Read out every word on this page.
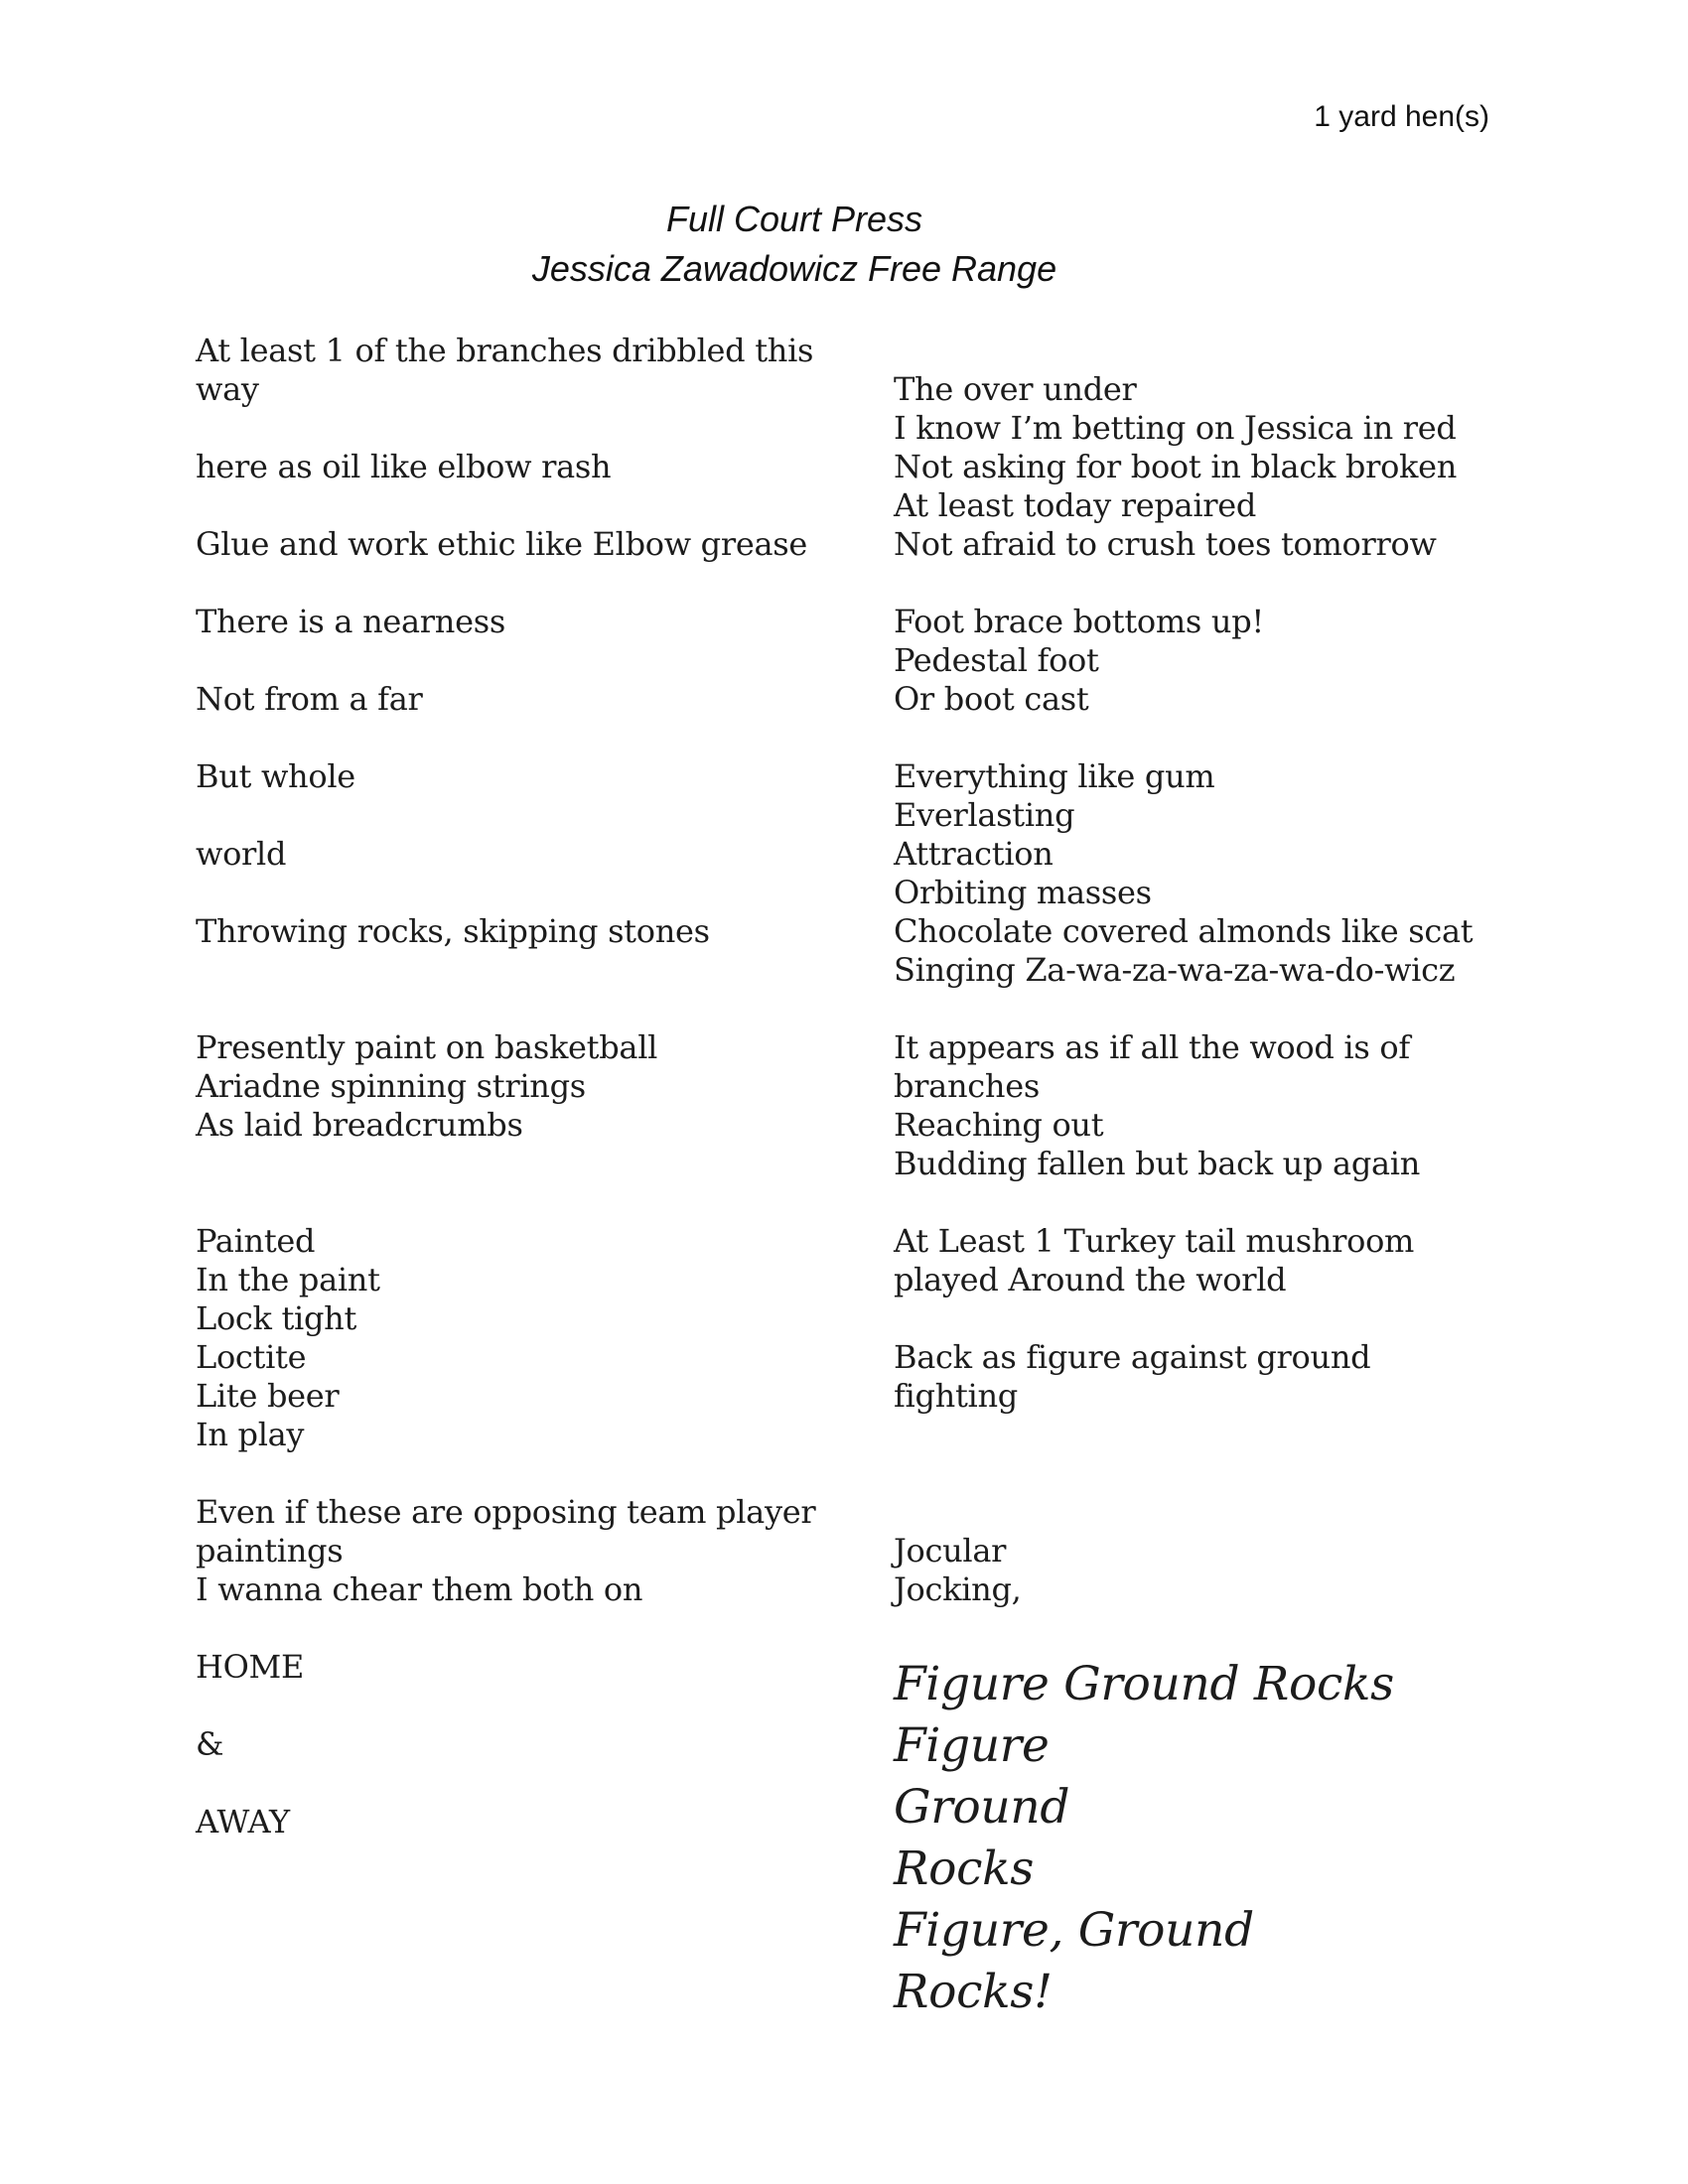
1 yard hen(s)
Full Court Press
Jessica Zawadowicz Free Range
At least 1 of the branches dribbled this
way

here as oil like elbow rash

Glue and work ethic like Elbow grease

There is a nearness

Not from a far

But whole

world

Throwing rocks, skipping stones

Presently paint on basketball
Ariadne spinning strings
As laid breadcrumbs

Painted
In the paint
Lock tight
Loctite
Lite beer
In play

Even if these are opposing team player
paintings
I wanna chear them both on

HOME

&

AWAY

The over under
I know I’m betting on Jessica in red
Not asking for boot in black broken
At least today repaired
Not afraid to crush toes tomorrow

Foot brace bottoms up!
Pedestal foot
Or boot cast

Everything like gum
Everlasting
Attraction
Orbiting masses
Chocolate covered almonds like scat
Singing Za-wa-za-wa-za-wa-do-wicz

It appears as if all the wood is of
branches
Reaching out
Budding fallen but back up again

At Least 1 Turkey tail mushroom
played Around the world

Back as figure against ground
fighting

Jocular
Jocking,

Figure Ground Rocks
Figure
Ground
Rocks
Figure, Ground
Rocks!
